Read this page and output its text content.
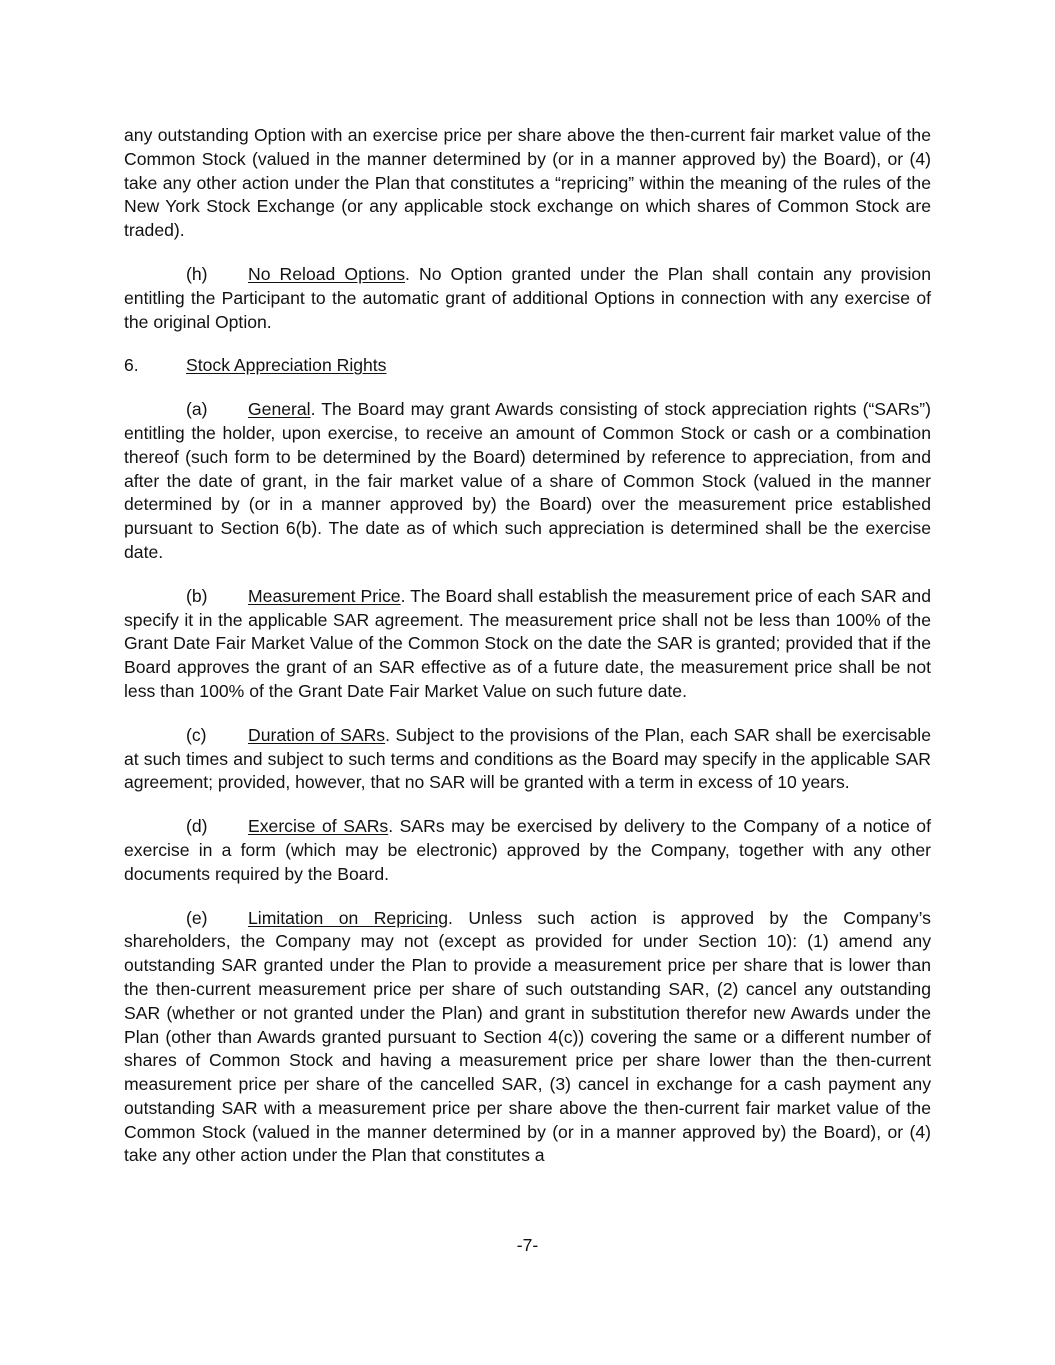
any outstanding Option with an exercise price per share above the then-current fair market value of the Common Stock (valued in the manner determined by (or in a manner approved by) the Board), or (4) take any other action under the Plan that constitutes a “repricing” within the meaning of the rules of the New York Stock Exchange (or any applicable stock exchange on which shares of Common Stock are traded).

(h) No Reload Options. No Option granted under the Plan shall contain any provision entitling the Participant to the automatic grant of additional Options in connection with any exercise of the original Option.

6.	Stock Appreciation Rights

(a) General. The Board may grant Awards consisting of stock appreciation rights (“SARs”) entitling the holder, upon exercise, to receive an amount of Common Stock or cash or a combination thereof (such form to be determined by the Board) determined by reference to appreciation, from and after the date of grant, in the fair market value of a share of Common Stock (valued in the manner determined by (or in a manner approved by) the Board) over the measurement price established pursuant to Section 6(b). The date as of which such appreciation is determined shall be the exercise date.

(b) Measurement Price. The Board shall establish the measurement price of each SAR and specify it in the applicable SAR agreement. The measurement price shall not be less than 100% of the Grant Date Fair Market Value of the Common Stock on the date the SAR is granted; provided that if the Board approves the grant of an SAR effective as of a future date, the measurement price shall be not less than 100% of the Grant Date Fair Market Value on such future date.

(c) Duration of SARs. Subject to the provisions of the Plan, each SAR shall be exercisable at such times and subject to such terms and conditions as the Board may specify in the applicable SAR agreement; provided, however, that no SAR will be granted with a term in excess of 10 years.

(d) Exercise of SARs. SARs may be exercised by delivery to the Company of a notice of exercise in a form (which may be electronic) approved by the Company, together with any other documents required by the Board.

(e) Limitation on Repricing. Unless such action is approved by the Company’s shareholders, the Company may not (except as provided for under Section 10): (1) amend any outstanding SAR granted under the Plan to provide a measurement price per share that is lower than the then-current measurement price per share of such outstanding SAR, (2) cancel any outstanding SAR (whether or not granted under the Plan) and grant in substitution therefor new Awards under the Plan (other than Awards granted pursuant to Section 4(c)) covering the same or a different number of shares of Common Stock and having a measurement price per share lower than the then-current measurement price per share of the cancelled SAR, (3) cancel in exchange for a cash payment any outstanding SAR with a measurement price per share above the then-current fair market value of the Common Stock (valued in the manner determined by (or in a manner approved by) the Board), or (4) take any other action under the Plan that constitutes a

-7-
